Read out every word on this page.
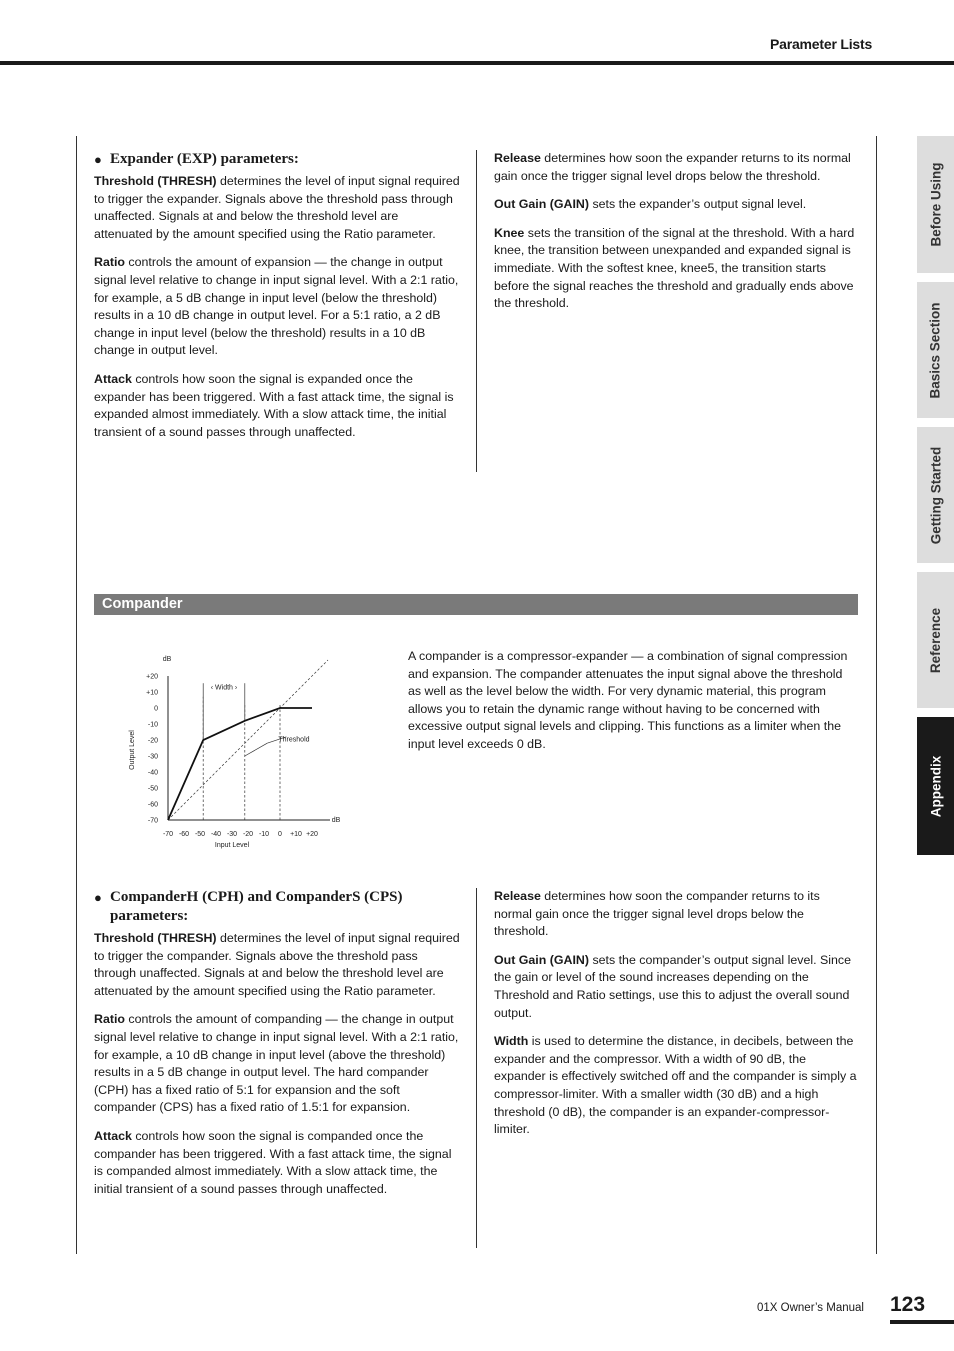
Parameter Lists
Before Using
Basics Section
Getting Started
Reference
Appendix
● Expander (EXP) parameters:

Threshold (THRESH) determines the level of input signal required to trigger the expander. Signals above the threshold pass through unaffected. Signals at and below the threshold level are attenuated by the amount specified using the Ratio parameter.

Ratio controls the amount of expansion — the change in output signal level relative to change in input signal level. With a 2:1 ratio, for example, a 5 dB change in input level (below the threshold) results in a 10 dB change in output level. For a 5:1 ratio, a 2 dB change in input level (below the threshold) results in a 10 dB change in output level.

Attack controls how soon the signal is expanded once the expander has been triggered. With a fast attack time, the signal is expanded almost immediately. With a slow attack time, the initial transient of a sound passes through unaffected.

Release determines how soon the expander returns to its normal gain once the trigger signal level drops below the threshold.

Out Gain (GAIN) sets the expander’s output signal level.

Knee sets the transition of the signal at the threshold. With a hard knee, the transition between unexpanded and expanded signal is immediate. With the softest knee, knee5, the transition starts before the signal reaches the threshold and gradually ends above the threshold.

Compander
+20
+10
0
-10
-20
-30
-40
-50
-60
-70
-70 -60 -50 -40 -30 -20 -10 0 +10 +20
dB
dB
Input Level
Output Level
‹ Width ›
Threshold

A compander is a compressor-expander — a combination of signal compression and expansion. The compander attenuates the input signal above the threshold as well as the level below the width. For very dynamic material, this program allows you to retain the dynamic range without having to be concerned with excessive output signal levels and clipping. This functions as a limiter when the input level exceeds 0 dB.

● CompanderH (CPH) and CompanderS (CPS) parameters:

Threshold (THRESH) determines the level of input signal required to trigger the compander. Signals above the threshold pass through unaffected. Signals at and below the threshold level are attenuated by the amount specified using the Ratio parameter.

Ratio controls the amount of companding — the change in output signal level relative to change in input signal level. With a 2:1 ratio, for example, a 10 dB change in input level (above the threshold) results in a 5 dB change in output level. The hard compander (CPH) has a fixed ratio of 5:1 for expansion and the soft compander (CPS) has a fixed ratio of 1.5:1 for expansion.

Attack controls how soon the signal is companded once the compander has been triggered. With a fast attack time, the signal is companded almost immediately. With a slow attack time, the initial transient of a sound passes through unaffected.

Release determines how soon the compander returns to its normal gain once the trigger signal level drops below the threshold.

Out Gain (GAIN) sets the compander’s output signal level. Since the gain or level of the sound increases depending on the Threshold and Ratio settings, use this to adjust the overall sound output.

Width is used to determine the distance, in decibels, between the expander and the compressor. With a width of 90 dB, the expander is effectively switched off and the compander is simply a compressor-limiter. With a smaller width (30 dB) and a high threshold (0 dB), the compander is an expander-compressor-limiter.

01X Owner’s Manual 123
